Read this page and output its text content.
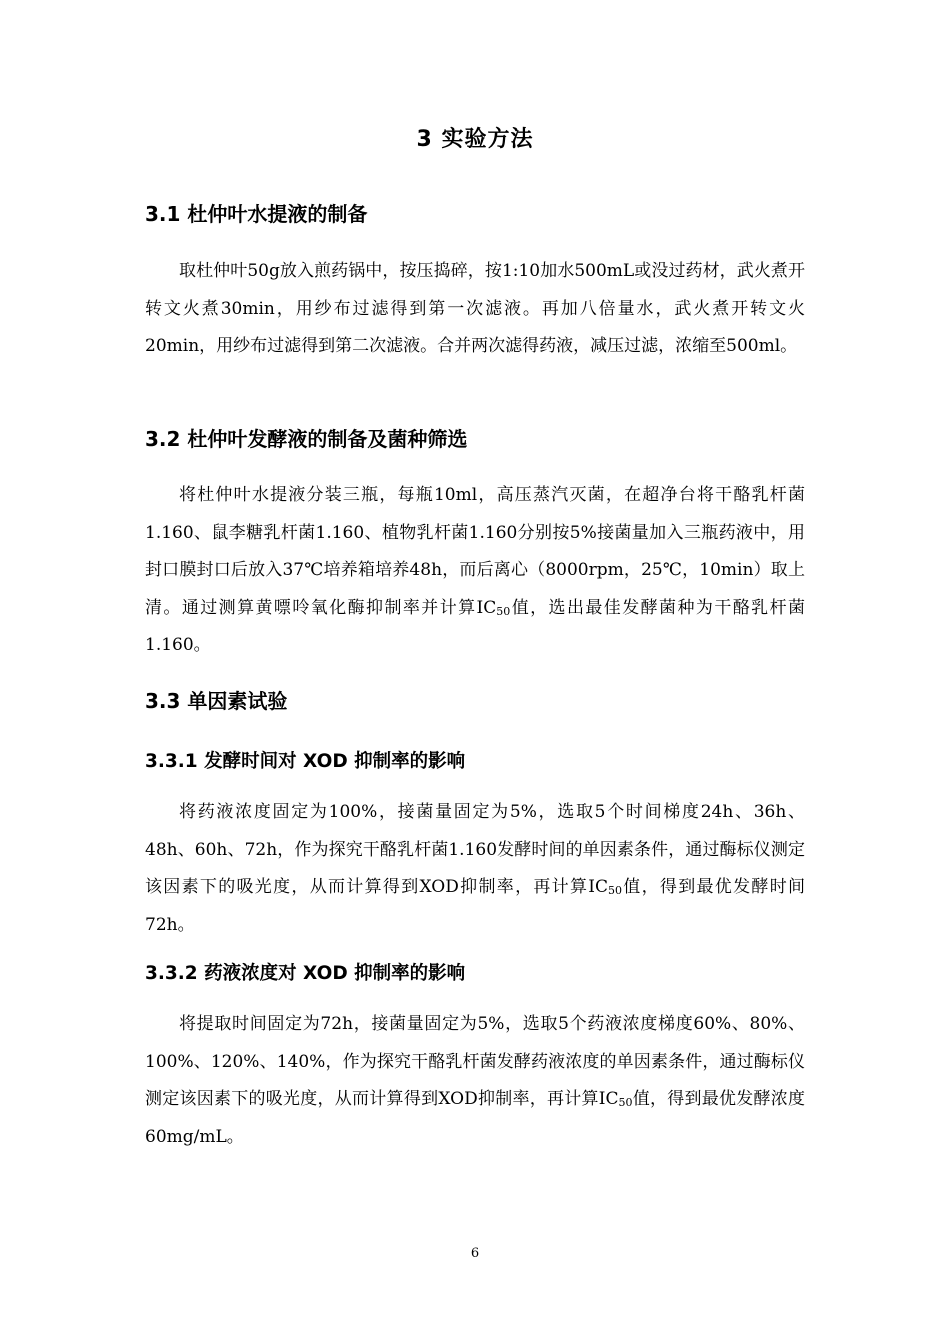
3 实验方法
3.1 杜仲叶水提液的制备

取杜仲叶50g放入煎药锅中，按压捣碎，按1:10加水500mL或没过药材，武火煮开转文火煮30min，用纱布过滤得到第一次滤液。再加八倍量水，武火煮开转文火20min，用纱布过滤得到第二次滤液。合并两次滤得药液，减压过滤，浓缩至500ml。

3.2 杜仲叶发酵液的制备及菌种筛选

将杜仲叶水提液分装三瓶，每瓶10ml，高压蒸汽灭菌，在超净台将干酪乳杆菌1.160、鼠李糖乳杆菌1.160、植物乳杆菌1.160分别按5%接菌量加入三瓶药液中，用封口膜封口后放入37℃培养箱培养48h，而后离心（8000rpm，25℃，10min）取上清。通过测算黄嘌呤氧化酶抑制率并计算$IC_{50}$值，选出最佳发酵菌种为干酪乳杆菌1.160。

3.3 单因素试验
3.3.1 发酵时间对 XOD 抑制率的影响

将药液浓度固定为100%，接菌量固定为5%，选取5个时间梯度24h、36h、48h、60h、72h，作为探究干酪乳杆菌1.160发酵时间的单因素条件，通过酶标仪测定该因素下的吸光度，从而计算得到XOD抑制率，再计算$IC_{50}$值，得到最优发酵时间72h。

3.3.2 药液浓度对 XOD 抑制率的影响

将提取时间固定为72h，接菌量固定为5%，选取5个药液浓度梯度60%、80%、100%、120%、140%，作为探究干酪乳杆菌发酵药液浓度的单因素条件，通过酶标仪测定该因素下的吸光度，从而计算得到XOD抑制率，再计算$IC_{50}$值，得到最优发酵浓度60mg/mL。

6
